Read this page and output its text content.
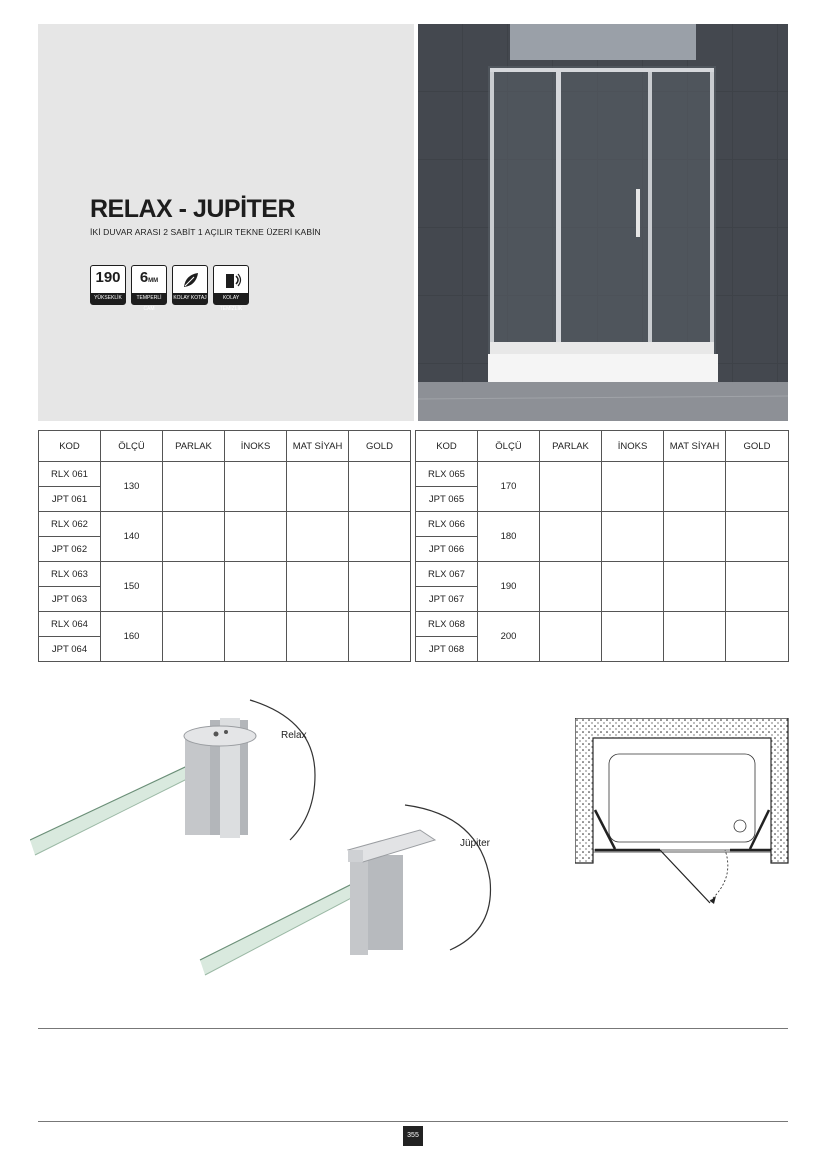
RELAX - JUPİTER
İKİ DUVAR ARASI 2 SABİT 1 AÇILIR TEKNE ÜZERİ KABİN
190
YÜKSEKLİK
6MM
TEMPERLİ CAM
KOLAY KOTAJ	KOLAY TEMİZLİK
KOD	ÖLÇÜ	PARLAK	İNOKS	MAT SİYAH	GOLD
RLX 061	130				
JPT 061					
RLX 062	140				
JPT 062					
RLX 063	150				
JPT 063					
RLX 064	160				
JPT 064					
KOD	ÖLÇÜ	PARLAK	İNOKS	MAT SİYAH	GOLD
RLX 065	170				
JPT 065					
RLX 066	180				
JPT 066					
RLX 067	190				
JPT 067					
RLX 068	200				
JPT 068					
Relax
Jüpiter
355
